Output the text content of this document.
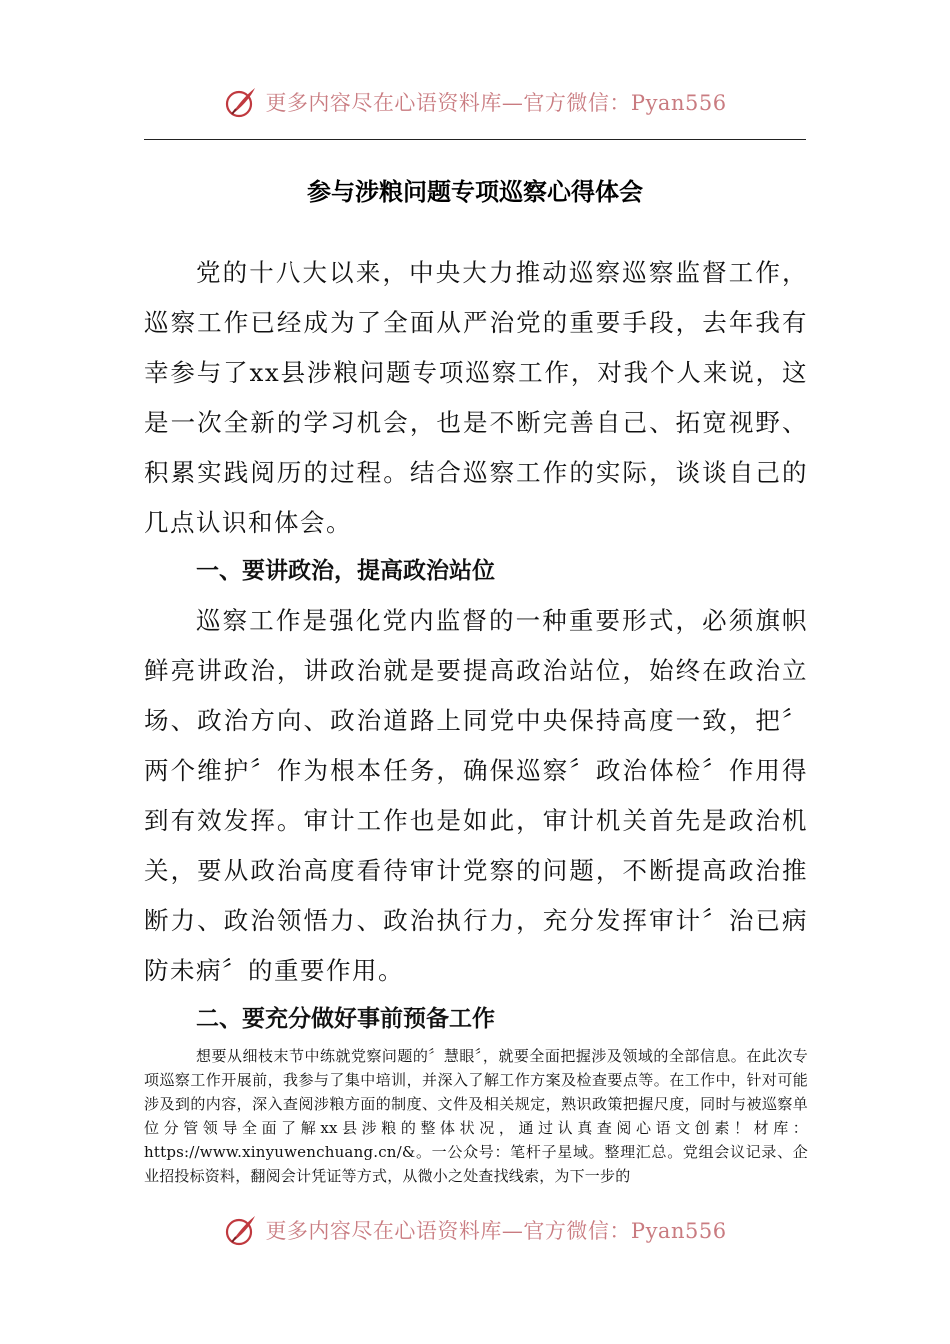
更多内容尽在心语资料库—官方微信：Pyan556
参与涉粮问题专项巡察心得体会

党的十八大以来，中央大力推动巡察巡察监督工作，巡察工作已经成为了全面从严治党的重要手段，去年我有幸参与了xx县涉粮问题专项巡察工作，对我个人来说，这是一次全新的学习机会，也是不断完善自己、拓宽视野、积累实践阅历的过程。结合巡察工作的实际，谈谈自己的几点认识和体会。

一、要讲政治，提高政治站位

巡察工作是强化党内监督的一种重要形式，必须旗帜鲜亮讲政治，讲政治就是要提高政治站位，始终在政治立场、政治方向、政治道路上同党中央保持高度一致，把〞两个维护〞作为根本任务，确保巡察〞政治体检〞作用得到有效发挥。审计工作也是如此，审计机关首先是政治机关，要从政治高度看待审计党察的问题，不断提高政治推断力、政治领悟力、政治执行力，充分发挥审计〞治已病防未病〞的重要作用。

二、要充分做好事前预备工作

想要从细枝末节中练就党察问题的〞慧眼〞，就要全面把握涉及领域的全部信息。在此次专项巡察工作开展前，我参与了集中培训，并深入了解工作方案及检查要点等。在工作中，针对可能涉及到的内容，深入查阅涉粮方面的制度、文件及相关规定，熟识政策把握尺度，同时与被巡察单位分管领导全面了解xx县涉粮的整体状况，通过认真查阅心语文创素！材库：https://www.xinyuwenchuang.cn/&。一公众号：笔杆子星域。整理汇总。党组会议记录、企业招投标资料，翻阅会计凭证等方式，从微小之处查找线索，为下一步的

更多内容尽在心语资料库—官方微信：Pyan556
